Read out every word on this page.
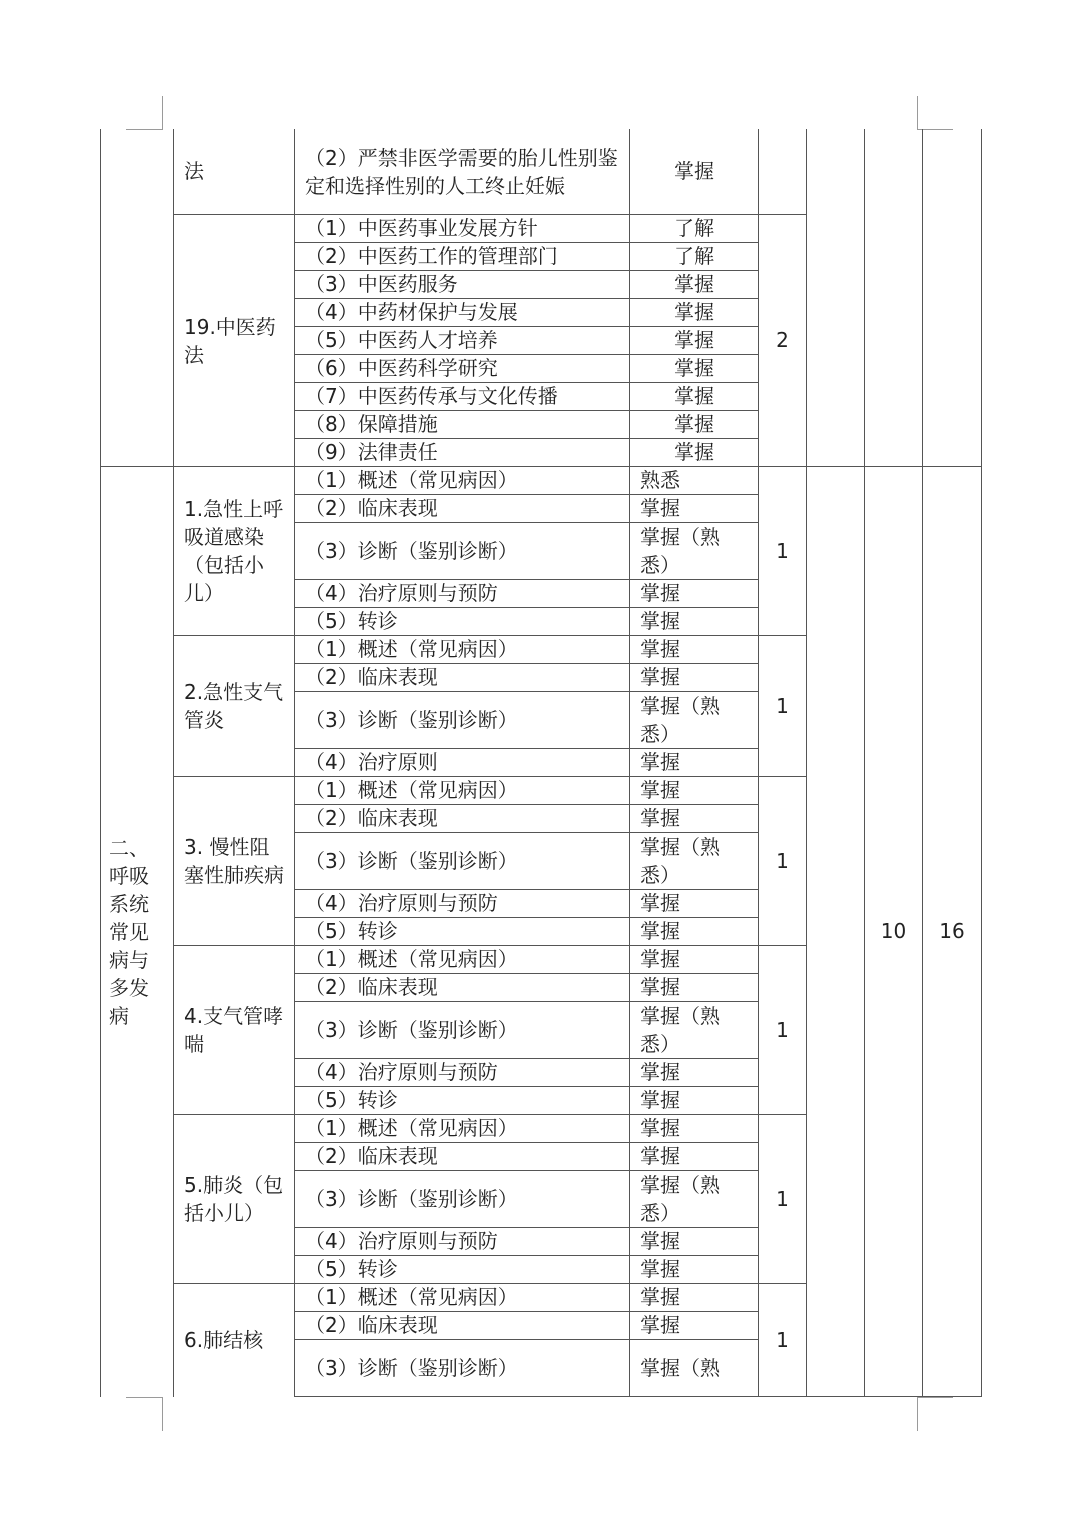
	法	（2）严禁非医学需要的胎儿性别鉴定和选择性别的人工终止妊娠	掌握				
	19.中医药法	（1）中医药事业发展方针	了解	2			
		（2）中医药工作的管理部门	了解				
		（3）中医药服务	掌握				
		（4）中药材保护与发展	掌握				
		（5）中医药人才培养	掌握				
		（6）中医药科学研究	掌握				
		（7）中医药传承与文化传播	掌握				
		（8）保障措施	掌握				
		（9）法律责任	掌握				
二、呼吸系统常见病与多发病	1.急性上呼吸道感染（包括小儿）	（1）概述（常见病因）	熟悉	1		10	16
		（2）临床表现	掌握				
		（3）诊断（鉴别诊断）	掌握（熟悉）				
		（4）治疗原则与预防	掌握				
		（5）转诊	掌握				
	2.急性支气管炎	（1）概述（常见病因）	掌握	1			
		（2）临床表现	掌握				
		（3）诊断（鉴别诊断）	掌握（熟悉）				
		（4）治疗原则	掌握				
	3. 慢性阻塞性肺疾病	（1）概述（常见病因）	掌握	1			
		（2）临床表现	掌握				
		（3）诊断（鉴别诊断）	掌握（熟悉）				
		（4）治疗原则与预防	掌握				
		（5）转诊	掌握				
	4.支气管哮喘	（1）概述（常见病因）	掌握	1			
		（2）临床表现	掌握				
		（3）诊断（鉴别诊断）	掌握（熟悉）				
		（4）治疗原则与预防	掌握				
		（5）转诊	掌握				
	5.肺炎（包括小儿）	（1）概述（常见病因）	掌握	1			
		（2）临床表现	掌握				
		（3）诊断（鉴别诊断）	掌握（熟悉）				
		（4）治疗原则与预防	掌握				
		（5）转诊	掌握				
	6.肺结核	（1）概述（常见病因）	掌握	1			
		（2）临床表现	掌握				
		（3）诊断（鉴别诊断）	掌握（熟				
